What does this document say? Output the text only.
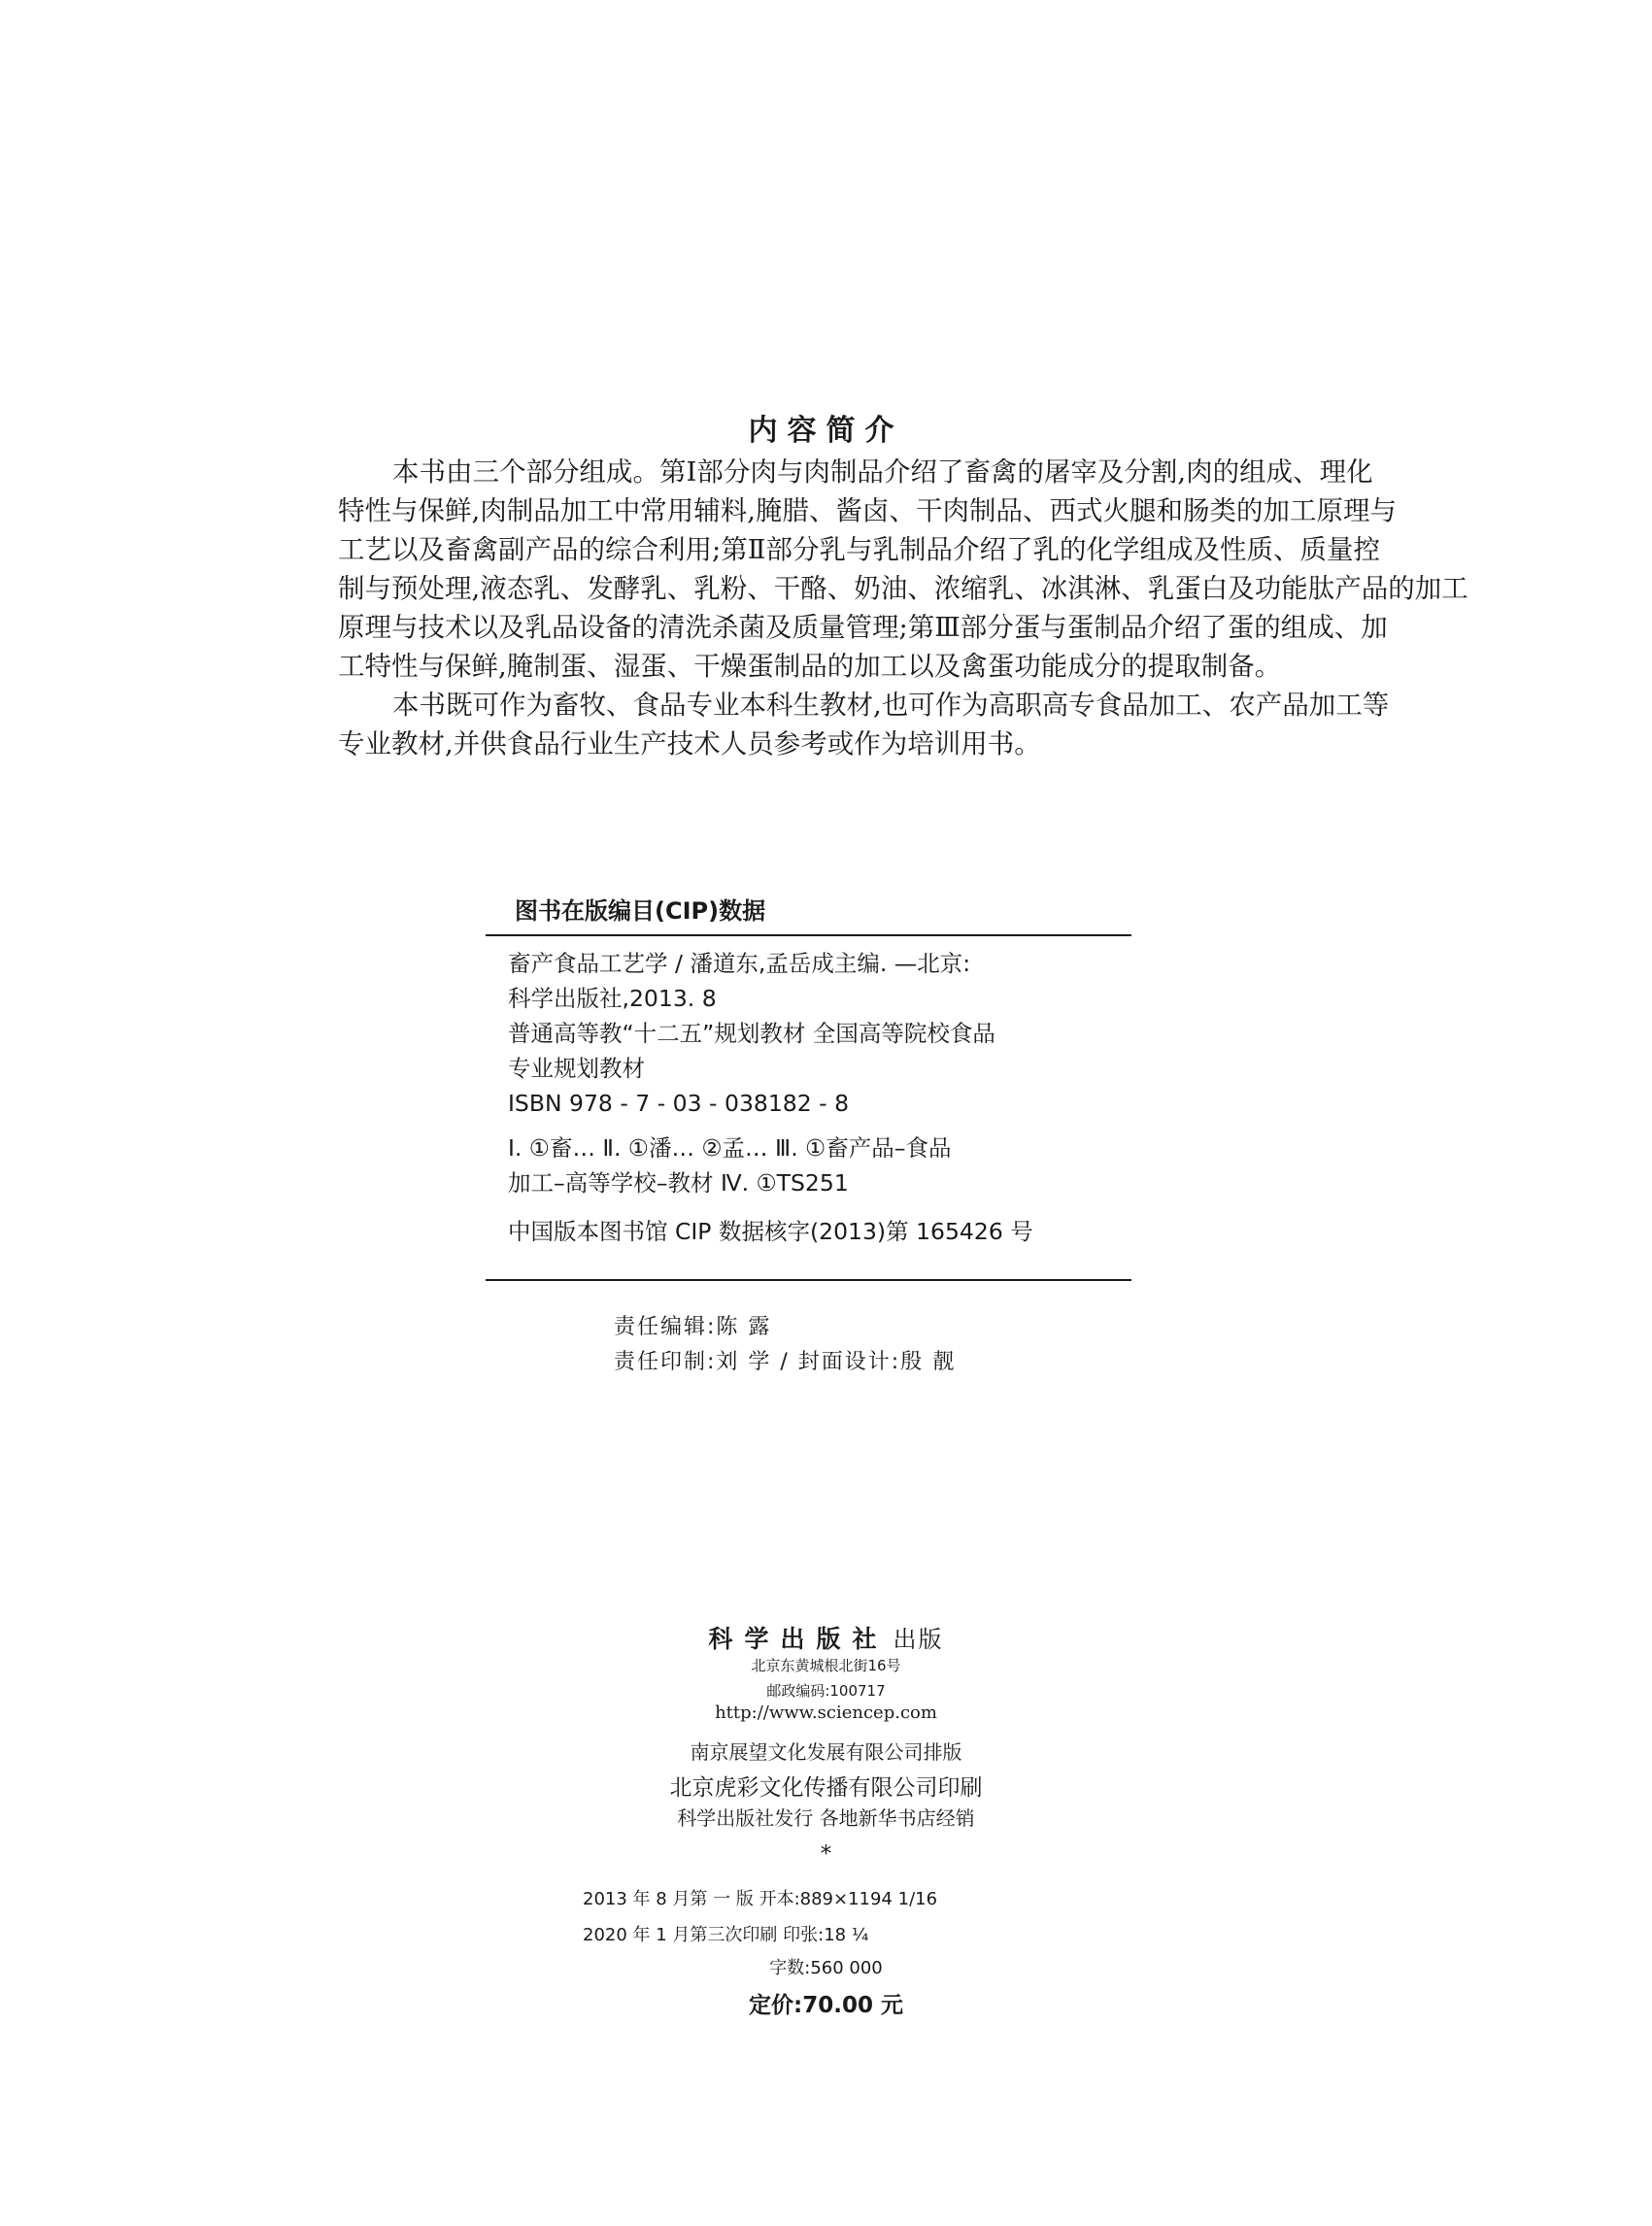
内容简介
本书由三个部分组成。第Ⅰ部分肉与肉制品介绍了畜禽的屠宰及分割,肉的组成、理化
特性与保鲜,肉制品加工中常用辅料,腌腊、酱卤、干肉制品、西式火腿和肠类的加工原理与
工艺以及畜禽副产品的综合利用;第Ⅱ部分乳与乳制品介绍了乳的化学组成及性质、质量控
制与预处理,液态乳、发酵乳、乳粉、干酪、奶油、浓缩乳、冰淇淋、乳蛋白及功能肽产品的加工
原理与技术以及乳品设备的清洗杀菌及质量管理;第Ⅲ部分蛋与蛋制品介绍了蛋的组成、加
工特性与保鲜,腌制蛋、湿蛋、干燥蛋制品的加工以及禽蛋功能成分的提取制备。
本书既可作为畜牧、食品专业本科生教材,也可作为高职高专食品加工、农产品加工等
专业教材,并供食品行业生产技术人员参考或作为培训用书。
图书在版编目(CIP)数据
畜产食品工艺学 / 潘道东,孟岳成主编. —北京:
科学出版社,2013. 8
普通高等教“十二五”规划教材 全国高等院校食品
专业规划教材
ISBN 978 - 7 - 03 - 038182 - 8
Ⅰ. ①畜… Ⅱ. ①潘… ②孟… Ⅲ. ①畜产品–食品
加工–高等学校–教材 Ⅳ. ①TS251
中国版本图书馆 CIP 数据核字(2013)第 165426 号
责任编辑:陈 露
责任印制:刘 学 / 封面设计:殷 靓
科学出版社 出版
北京东黄城根北街16号
邮政编码:100717
http://www.sciencep.com
南京展望文化发展有限公司排版
北京虎彩文化传播有限公司印刷
科学出版社发行 各地新华书店经销
*
2013 年 8 月第 一 版 开本:889×1194 1/16
2020 年 1 月第三次印刷 印张:18 ¼
字数:560 000
定价:70.00 元
